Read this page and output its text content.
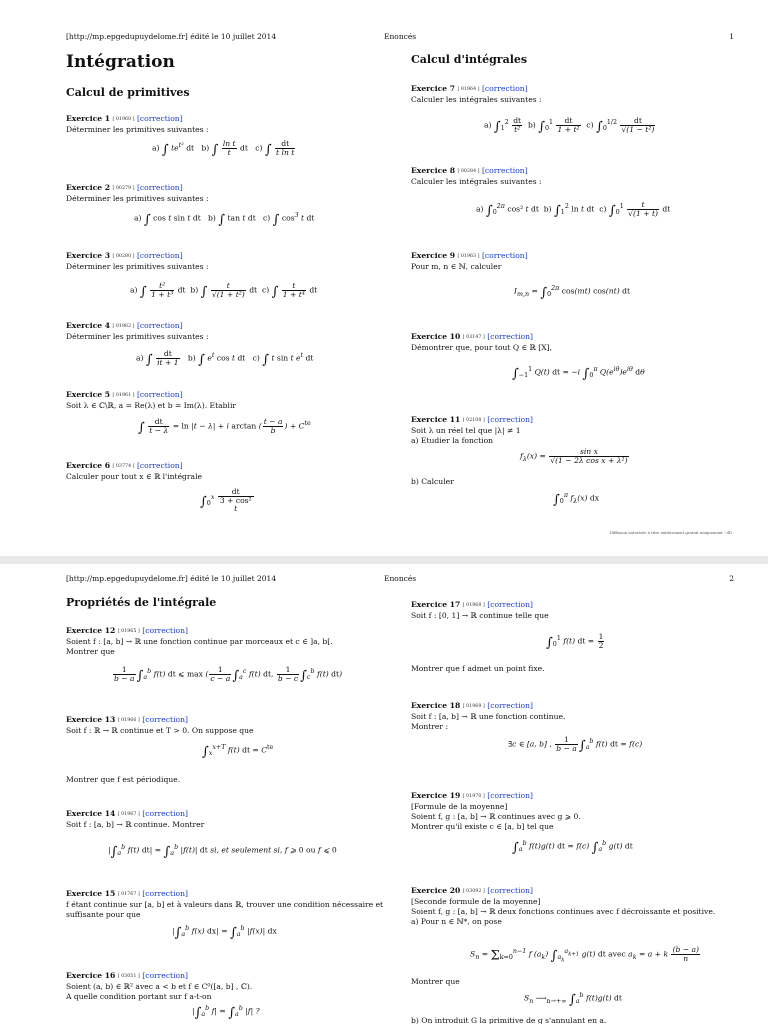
[http://mp.epgedupuydelome.fr] édité le 10 juillet 2014	Enoncés	1
Intégration
Calcul de primitives
Calcul d'intégrales
Exercice 1 [ 01960 ] [correction]
Déterminer les primitives suivantes :
a) ∫ $te^{t^2}$ dt b) ∫ $\frac{\text{ln t}}{t}$ dt c) ∫ $\frac{dt}{\text{t ln t}}$
Exercice 2 [ 00279 ] [correction]
Déterminer les primitives suivantes :
a) ∫ cos t sin t dt b) ∫ tan t dt c) ∫ $\cos^3 t$ dt
Exercice 3 [ 00280 ] [correction]
Déterminer les primitives suivantes :
a) ∫ $\frac{\text{t²}}{\text{1 + t³}}$ dt b) ∫ $\frac{t}{\text{√(1 + t²)}}$ dt c) ∫ $\frac{t}{\text{1 + t⁴}}$ dt
Exercice 4 [ 01962 ] [correction]
Déterminer les primitives suivantes :
a) ∫ $\frac{dt}{it + 1} b$) ∫ $e^t$ cos t dt c) ∫ t sin t $e^t$ dt
Exercice 5 [ 01961 ] [correction]
Soit λ ∈ ℂ\ℝ, a = Re(λ) et b = Im(λ). Etablir
∫ $\frac{dt}{t - \lambda} = \ln |t - \lambda| + i$ arctan ( $\frac{t - a}{b}$ ) + $C^{te}$
Exercice 6 [ 03774 ] [correction]
Calculer pour tout x ∈ ℝ l'intégrale
$\int_0^x$ dt
3 + cos²
t
Exercice 7 [ 01964 ] [correction]
Calculer les intégrales suivantes :
a) $\int_1^2 \frac{dt}{\text{t²}} b$) $\int_0^1 \frac{dt}{\text{1 + t²}} c$) $\int_0^{1/2} \frac{dt}{\text{√(1 − t²)}}$
Exercice 8 [ 00284 ] [correction]
Calculer les intégrales suivantes :
a) $\int_0^{2\pi}$ cos² t dt b) $\int_1^2$ ln t dt c) $\int_0^1 \frac{t}{√(1 + t)}$ dt
Exercice 9 [ 01963 ] [correction]
Pour m, n ∈ ℕ, calculer
$I_{m,n} = \int_0^{2\pi}$ cos(mt) cos(nt) dt
Exercice 10 [ 03147 ] [correction]
Démontrer que, pour tout Q ∈ ℝ [X],
$\int_{-1}^1$ Q(t) dt = −i $\int_0^\pi$ $Q(e^{i\theta})e^{i\theta}$ dθ
Exercice 11 [ 02108 ] [correction]
Soit λ un réel tel que |λ| ≠ 1
a) Etudier la fonction
$f_\lambda(x) = \frac{\text{sin x}}{\text{√(1 − 2λ cos x + λ²)}}$
b) Calculer
$\int_0^\pi$ $f_\lambda(x)$ dx
Diffusion autorisée à titre entièrement gratuit uniquement - dD
[http://mp.epgedupuydelome.fr] édité le 10 juillet 2014	Enoncés	2
Propriétés de l'intégrale
Exercice 12 [ 01965 ] [correction]
Soient f : [a, b] → ℝ une fonction continue par morceaux et c ∈ ]a, b[.
Montrer que
$\frac{1}{b - a} \int_a^b$ f(t) dt ⩽ max ( $\frac{1}{c - a} \int_a^c$ f(t) dt, $\frac{1}{b - c} \int_c^b$ f(t) dt)
Exercice 13 [ 01966 ] [correction]
Soit f : ℝ → ℝ continue et T > 0. On suppose que
$\int_x^{x+T}$ f(t) dt = $C^{te}$
Montrer que f est périodique.
Exercice 14 [ 01967 ] [correction]
Soit f : [a, b] → ℝ continue. Montrer
$|\int_a^b$ f(t) $dt| = \int_a^b$ |f(t)| dt si, et seulement si, f ⩾ 0 ou f ⩽ 0
Exercice 15 [ 01767 ] [correction]
f étant continue sur [a, b] et à valeurs dans ℝ, trouver une condition nécessaire et suffisante pour que
$|\int_a^b$ f(x) $dx| = \int_a^b$ |f(x)| dx
Exercice 16 [ 03051 ] [correction]
Soient (a, b) ∈ ℝ² avec a < b et f ∈ C⁰([a, b] , ℂ).
A quelle condition portant sur f a-t-on
$|\int_a^b$ $f| = \int_a^b$ |f| ?
Exercice 17 [ 01968 ] [correction]
Soit f : [0, 1] → ℝ continue telle que
$\int_0^1$ f(t) dt = $\frac{1}{2}$
Montrer que f admet un point fixe.
Exercice 18 [ 01969 ] [correction]
Soit f : [a, b] → ℝ une fonction continue.
Montrer :
∃c ∈ [a, b] , $\frac{1}{b - a} \int_a^b$ f(t) dt = f(c)
Exercice 19 [ 01970 ] [correction]
[Formule de la moyenne]
Soient f, g : [a, b] → ℝ continues avec g ⩾ 0.
Montrer qu'il existe c ∈ [a, b] tel que
$\int_a^b$ f(t)g(t) dt = f(c) $\int_a^b$ g(t) dt
Exercice 20 [ 03092 ] [correction]
[Seconde formule de la moyenne]
Soient f, g : [a, b] → ℝ deux fonctions continues avec f décroissante et positive.
a) Pour n ∈ ℕ*, on pose
$S_n = \Sigma_{k=0}^{n-1}$ f $(a_k)$ $\int_{a_k}^{a_{k+1}}$ g(t) dt avec $a_k = a + k \frac{(b - a)}{n}$
Montrer que
$S_n$ $⟶_{n\to+\infty}$ $\int_a^b$ f(t)g(t) dt
b) On introduit G la primitive de g s'annulant en a.
